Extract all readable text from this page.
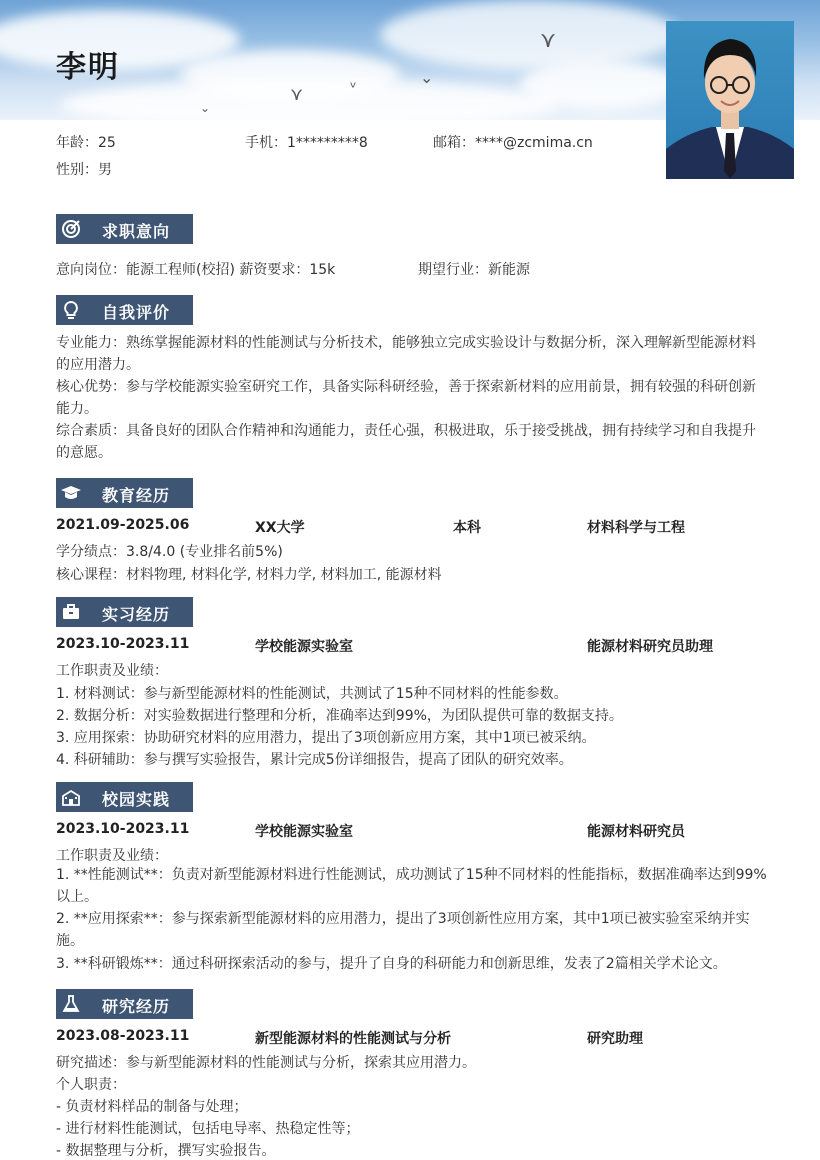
⋎
⌄
ᵛ
⋎
⌄
李明
年龄：25	手机：1*********8	邮箱：****@zcmima.cn
性别：男
求职意向
意向岗位：能源工程师(校招) 薪资要求：15k	期望行业：新能源
自我评价
专业能力：熟练掌握能源材料的性能测试与分析技术，能够独立完成实验设计与数据分析，深入理解新型能源材料的应用潜力。
核心优势：参与学校能源实验室研究工作，具备实际科研经验，善于探索新材料的应用前景，拥有较强的科研创新能力。
综合素质：具备良好的团队合作精神和沟通能力，责任心强，积极进取，乐于接受挑战，拥有持续学习和自我提升的意愿。
教育经历
2021.09-2025.06	XX大学	本科	材料科学与工程
学分绩点：3.8/4.0 (专业排名前5%)
核心课程：材料物理, 材料化学, 材料力学, 材料加工, 能源材料
实习经历
2023.10-2023.11	学校能源实验室	能源材料研究员助理
工作职责及业绩：
1. 材料测试：参与新型能源材料的性能测试，共测试了15种不同材料的性能参数。
2. 数据分析：对实验数据进行整理和分析，准确率达到99%，为团队提供可靠的数据支持。
3. 应用探索：协助研究材料的应用潜力，提出了3项创新应用方案，其中1项已被采纳。
4. 科研辅助：参与撰写实验报告，累计完成5份详细报告，提高了团队的研究效率。
校园实践
2023.10-2023.11	学校能源实验室	能源材料研究员
工作职责及业绩：
1. **性能测试**：负责对新型能源材料进行性能测试，成功测试了15种不同材料的性能指标，数据准确率达到99%以上。
2. **应用探索**：参与探索新型能源材料的应用潜力，提出了3项创新性应用方案，其中1项已被实验室采纳并实施。
3. **科研锻炼**：通过科研探索活动的参与，提升了自身的科研能力和创新思维，发表了2篇相关学术论文。
研究经历
2023.08-2023.11	新型能源材料的性能测试与分析	研究助理
研究描述：参与新型能源材料的性能测试与分析，探索其应用潜力。
个人职责：
- 负责材料样品的制备与处理；
- 进行材料性能测试，包括电导率、热稳定性等；
- 数据整理与分析，撰写实验报告。
